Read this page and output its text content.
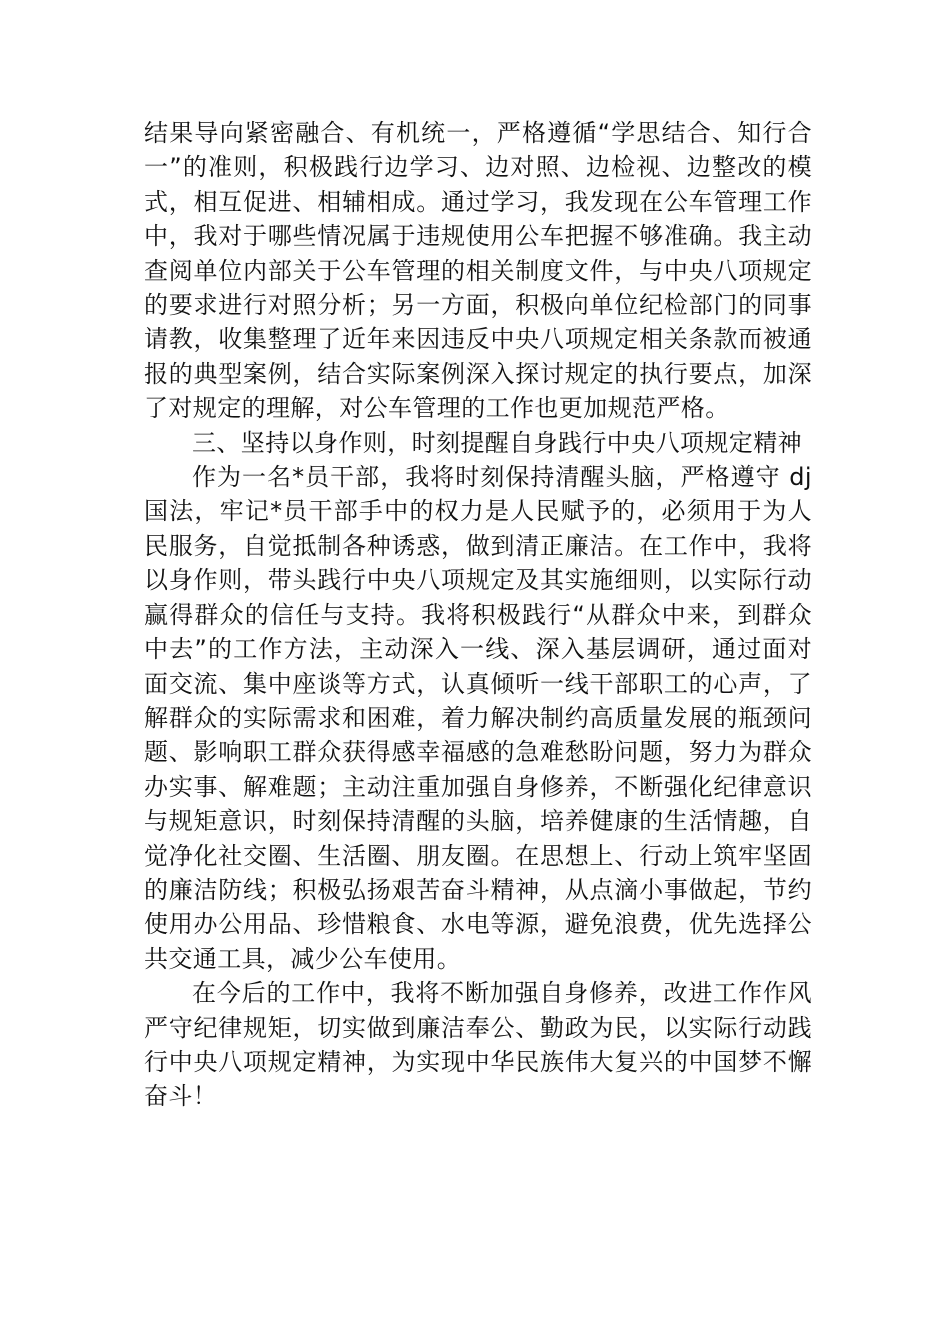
结果导向紧密融合、有机统一，严格遵循“学思结合、知行合一”的准则，积极践行边学习、边对照、边检视、边整改的模式，相互促进、相辅相成。通过学习，我发现在公车管理工作中，我对于哪些情况属于违规使用公车把握不够准确。我主动查阅单位内部关于公车管理的相关制度文件，与中央八项规定的要求进行对照分析；另一方面，积极向单位纪检部门的同事请教，收集整理了近年来因违反中央八项规定相关条款而被通报的典型案例，结合实际案例深入探讨规定的执行要点，加深了对规定的理解，对公车管理的工作也更加规范严格。

三、坚持以身作则，时刻提醒自身践行中央八项规定精神

作为一名*员干部，我将时刻保持清醒头脑，严格遵守 dj 国法，牢记*员干部手中的权力是人民赋予的，必须用于为人民服务，自觉抵制各种诱惑，做到清正廉洁。在工作中，我将以身作则，带头践行中央八项规定及其实施细则，以实际行动赢得群众的信任与支持。我将积极践行“从群众中来，到群众中去”的工作方法，主动深入一线、深入基层调研，通过面对面交流、集中座谈等方式，认真倾听一线干部职工的心声，了解群众的实际需求和困难，着力解决制约高质量发展的瓶颈问题、影响职工群众获得感幸福感的急难愁盼问题，努力为群众办实事、解难题；主动注重加强自身修养，不断强化纪律意识与规矩意识，时刻保持清醒的头脑，培养健康的生活情趣，自觉净化社交圈、生活圈、朋友圈。在思想上、行动上筑牢坚固的廉洁防线；积极弘扬艰苦奋斗精神，从点滴小事做起，节约使用办公用品、珍惜粮食、水电等源，避免浪费，优先选择公共交通工具，减少公车使用。

在今后的工作中，我将不断加强自身修养，改进工作作风严守纪律规矩，切实做到廉洁奉公、勤政为民，以实际行动践行中央八项规定精神，为实现中华民族伟大复兴的中国梦不懈奋斗！
